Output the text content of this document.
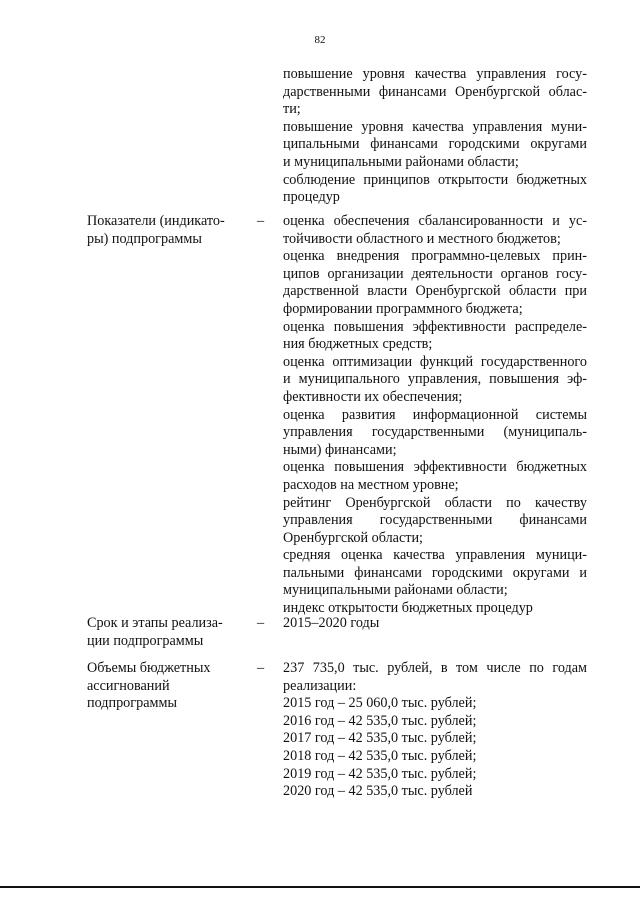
82
повышение уровня качества управления госу-
дарственными финансами Оренбургской облас-
ти;
повышение уровня качества управления муни-
ципальными финансами городскими округами
и муниципальными районами области;
соблюдение принципов открытости бюджетных
процедур
Показатели (индикато-
ры) подпрограммы
– оценка обеспечения сбалансированности и ус-
тойчивости областного и местного бюджетов;
оценка внедрения программно-целевых прин-
ципов организации деятельности органов госу-
дарственной власти Оренбургской области при
формировании программного бюджета;
оценка повышения эффективности распределе-
ния бюджетных средств;
оценка оптимизации функций государственного
и муниципального управления, повышения эф-
фективности их обеспечения;
оценка развития информационной системы
управления государственными (муниципаль-
ными) финансами;
оценка повышения эффективности бюджетных
расходов на местном уровне;
рейтинг Оренбургской области по качеству
управления государственными финансами
Оренбургской области;
средняя оценка качества управления муници-
пальными финансами городскими округами и
муниципальными районами области;
индекс открытости бюджетных процедур
Срок и этапы реализа-
ции подпрограммы
– 2015–2020 годы
Объемы бюджетных
ассигнований
подпрограммы
– 237 735,0 тыс. рублей, в том числе по годам
реализации:
2015 год – 25 060,0 тыс. рублей;
2016 год – 42 535,0 тыс. рублей;
2017 год – 42 535,0 тыс. рублей;
2018 год – 42 535,0 тыс. рублей;
2019 год – 42 535,0 тыс. рублей;
2020 год – 42 535,0 тыс. рублей
